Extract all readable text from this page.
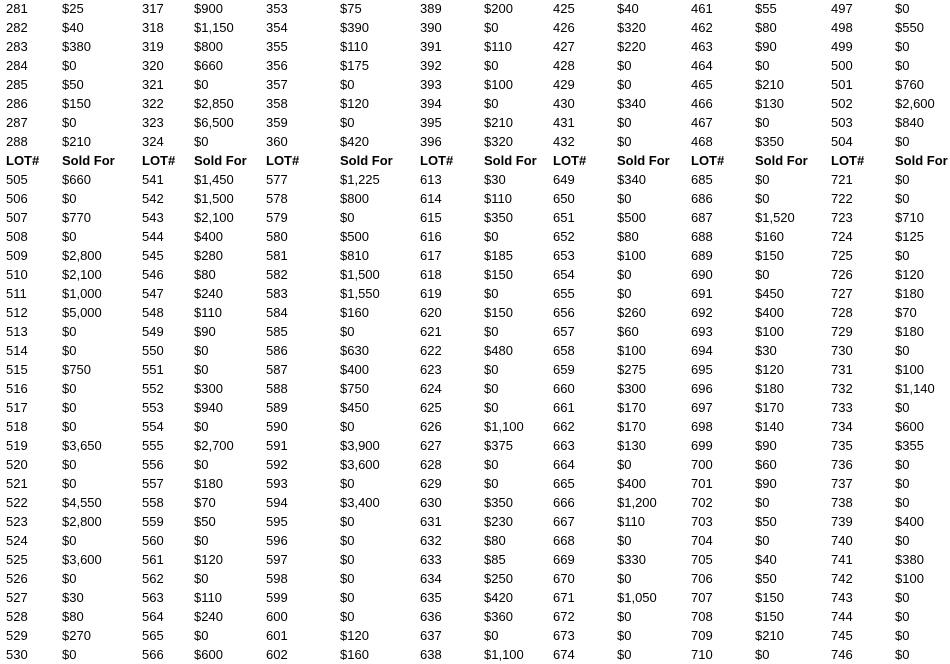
281	$25	317 $900	353	$75	389	$200	425	$40	461	$55	497	$0
282	$40	318 $1,150 354	$390	390	$0	426	$320	462	$80	498	$550
283	$380	319 $800	355	$110	391	$110	427	$220	463	$90	499	$0
284	$0	320 $660	356	$175	392	$0	428	$0	464	$0	500	$0
285	$50	321 $0	357	$0	393	$100	429	$0	465	$210	501	$760
286	$150	322 $2,850 358	$120	394	$0	430	$340	466	$130	502	$2,600
287	$0	323 $6,500 359	$0	395	$210	431	$0	467	$0	503	$840
288	$210	324 $0	360	$420	396	$320	432	$0	468	$350	504	$0
LOT# Sold For LOT# Sold For LOT#	Sold For LOT# Sold For LOT# Sold For LOT# Sold For LOT# Sold For
505	$660	541 $1,450 577	$1,225	613	$30	649	$340	685	$0	721	$0
506	$0	542 $1,500 578	$800	614	$110	650	$0	686	$0	722	$0
507	$770	543 $2,100 579	$0	615	$350	651	$500	687	$1,520	723	$710
508	$0	544 $400	580	$500	616	$0	652	$80	688	$160	724	$125
509	$2,800	545 $280	581	$810	617	$185	653	$100	689	$150	725	$0
510	$2,100	546 $80	582	$1,500	618	$150	654	$0	690	$0	726	$120
511	$1,000	547 $240	583	$1,550	619	$0	655	$0	691	$450	727	$180
512	$5,000	548 $110	584	$160	620	$150	656	$260	692	$400	728	$70
513	$0	549 $90	585	$0	621	$0	657	$60	693	$100	729	$180
514	$0	550 $0	586	$630	622	$480	658	$100	694	$30	730	$0
515	$750	551 $0	587	$400	623	$0	659	$275	695	$120	731	$100
516	$0	552 $300	588	$750	624	$0	660	$300	696	$180	732	$1,140
517	$0	553 $940	589	$450	625	$0	661	$170	697	$170	733	$0
518	$0	554 $0	590	$0	626	$1,100 662	$170	698	$140	734	$600
519	$3,650	555 $2,700 591	$3,900	627	$375	663	$130	699	$90	735	$355
520	$0	556 $0	592	$3,600	628	$0	664	$0	700	$60	736	$0
521	$0	557 $180	593	$0	629	$0	665	$400	701	$90	737	$0
522	$4,550	558 $70	594	$3,400	630	$350	666	$1,200	702	$0	738	$0
523	$2,800	559 $50	595	$0	631	$230	667	$110	703	$50	739	$400
524	$0	560 $0	596	$0	632	$80	668	$0	704	$0	740	$0
525	$3,600	561 $120	597	$0	633	$85	669	$330	705	$40	741	$380
526	$0	562 $0	598	$0	634	$250	670	$0	706	$50	742	$100
527	$30	563 $110	599	$0	635	$420	671	$1,050	707	$150	743	$0
528	$80	564 $240	600	$0	636	$360	672	$0	708	$150	744	$0
529	$270	565 $0	601	$120	637	$0	673	$0	709	$210	745	$0
530	$0	566 $600	602	$160	638	$1,100 674	$0	710	$0	746	$0
